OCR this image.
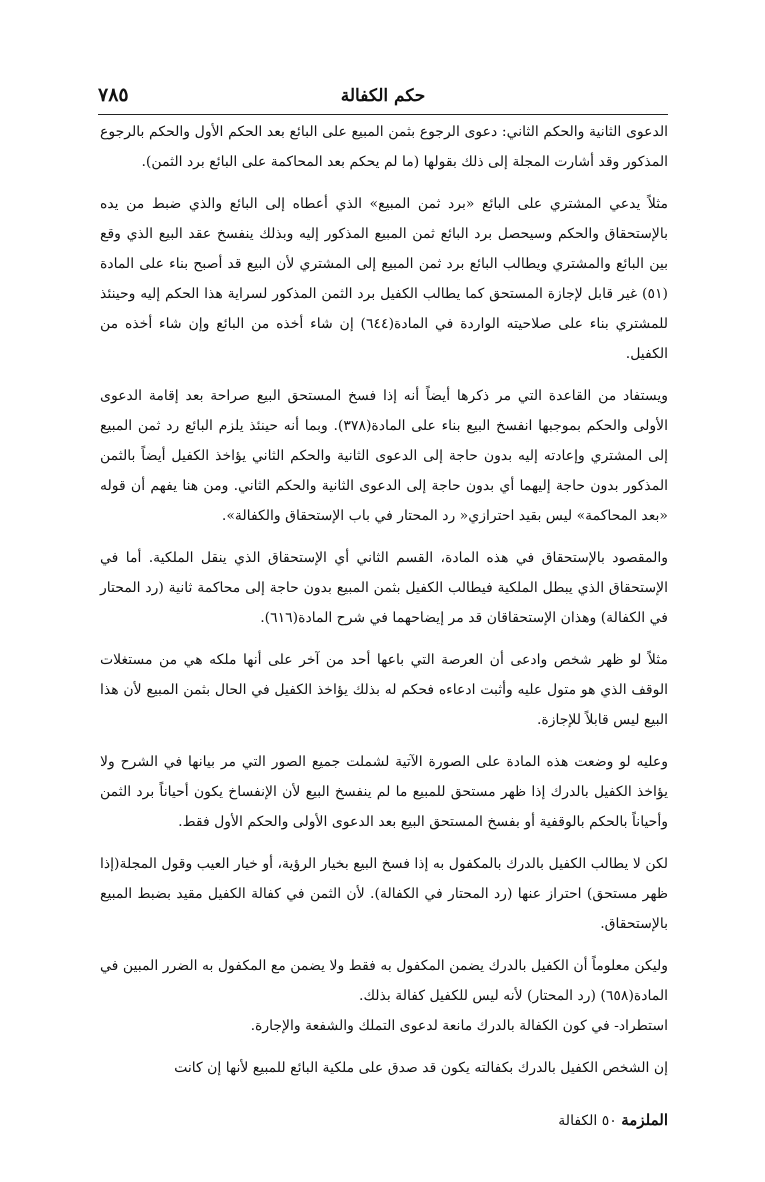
حكم الكفالة
٧٨٥

الدعوى الثانية والحكم الثاني: دعوى الرجوع بثمن المبيع على البائع بعد الحكم الأول والحكم بالرجوع المذكور وقد أشارت المجلة إلى ذلك بقولها (ما لم يحكم بعد المحاكمة على البائع برد الثمن).

مثلاً يدعي المشتري على البائع «برد ثمن المبيع» الذي أعطاه إلى البائع والذي ضبط من يده بالإستحقاق والحكم وسيحصل برد البائع ثمن المبيع المذكور إليه وبذلك ينفسخ عقد البيع الذي وقع بين البائع والمشتري ويطالب البائع برد ثمن المبيع إلى المشتري لأن البيع قد أصبح بناء على المادة (٥١) غير قابل لإجازة المستحق كما يطالب الكفيل برد الثمن المذكور لسراية هذا الحكم إليه وحينئذ للمشتري بناء على صلاحيته الواردة في المادة(٦٤٤) إن شاء أخذه من البائع وإن شاء أخذه من الكفيل.

ويستفاد من القاعدة التي مر ذكرها أيضاً أنه إذا فسخ المستحق البيع صراحة بعد إقامة الدعوى الأولى والحكم بموجبها انفسخ البيع بناء على المادة(٣٧٨). وبما أنه حينئذ يلزم البائع رد ثمن المبيع إلى المشتري وإعادته إليه بدون حاجة إلى الدعوى الثانية والحكم الثاني يؤاخذ الكفيل أيضاً بالثمن المذكور بدون حاجة إليهما أي بدون حاجة إلى الدعوى الثانية والحكم الثاني. ومن هنا يفهم أن قوله «بعد المحاكمة» ليس بقيد احترازي« رد المحتار في باب الإستحقاق والكفالة».

والمقصود بالإستحقاق في هذه المادة، القسم الثاني أي الإستحقاق الذي ينقل الملكية. أما في الإستحقاق الذي يبطل الملكية فيطالب الكفيل بثمن المبيع بدون حاجة إلى محاكمة ثانية (رد المحتار في الكفالة) وهذان الإستحقاقان قد مر إيضاحهما في شرح المادة(٦١٦).

مثلاً لو ظهر شخص وادعى أن العرصة التي باعها أحد من آخر على أنها ملكه هي من مستغلات الوقف الذي هو متول عليه وأثبت ادعاءه فحكم له بذلك يؤاخذ الكفيل في الحال بثمن المبيع لأن هذا البيع ليس قابلاً للإجازة.

وعليه لو وضعت هذه المادة على الصورة الآتية لشملت جميع الصور التي مر بيانها في الشرح ولا يؤاخذ الكفيل بالدرك إذا ظهر مستحق للمبيع ما لم ينفسخ البيع لأن الإنفساخ يكون أحياناً برد الثمن وأحياناً بالحكم بالوقفية أو بفسخ المستحق البيع بعد الدعوى الأولى والحكم الأول فقط.

لكن لا يطالب الكفيل بالدرك بالمكفول به إذا فسخ البيع بخيار الرؤية، أو خيار العيب وقول المجلة(إذا ظهر مستحق) احتراز عنها (رد المحتار في الكفالة). لأن الثمن في كفالة الكفيل مقيد بضبط المبيع بالإستحقاق.

وليكن معلوماً أن الكفيل بالدرك يضمن المكفول به فقط ولا يضمن مع المكفول به الضرر المبين في المادة(٦٥٨) (رد المحتار) لأنه ليس للكفيل كفالة بذلك.

استطراد- في كون الكفالة بالدرك مانعة لدعوى التملك والشفعة والإجارة.

إن الشخص الكفيل بالدرك بكفالته يكون قد صدق على ملكية البائع للمبيع لأنها إن كانت

الملزمة ٥٠ الكفالة
